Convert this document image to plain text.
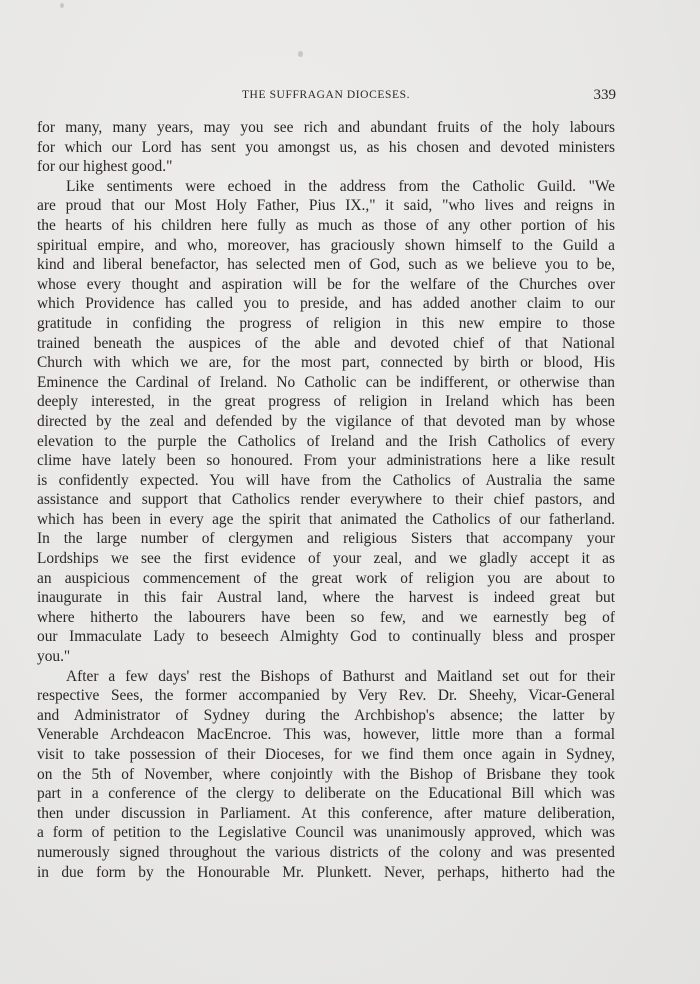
THE SUFFRAGAN DIOCESES.	339
for many, many years, may you see rich and abundant fruits of the holy labours
for which our Lord has sent you amongst us, as his chosen and devoted ministers
for our highest good."
Like sentiments were echoed in the address from the Catholic Guild. "We
are proud that our Most Holy Father, Pius IX.," it said, "who lives and reigns in
the hearts of his children here fully as much as those of any other portion of his
spiritual empire, and who, moreover, has graciously shown himself to the Guild a
kind and liberal benefactor, has selected men of God, such as we believe you to be,
whose every thought and aspiration will be for the welfare of the Churches over
which Providence has called you to preside, and has added another claim to our
gratitude in confiding the progress of religion in this new empire to those
trained beneath the auspices of the able and devoted chief of that National
Church with which we are, for the most part, connected by birth or blood, His
Eminence the Cardinal of Ireland. No Catholic can be indifferent, or otherwise than
deeply interested, in the great progress of religion in Ireland which has been
directed by the zeal and defended by the vigilance of that devoted man by whose
elevation to the purple the Catholics of Ireland and the Irish Catholics of every
clime have lately been so honoured. From your administrations here a like result
is confidently expected. You will have from the Catholics of Australia the same
assistance and support that Catholics render everywhere to their chief pastors, and
which has been in every age the spirit that animated the Catholics of our fatherland.
In the large number of clergymen and religious Sisters that accompany your
Lordships we see the first evidence of your zeal, and we gladly accept it as
an auspicious commencement of the great work of religion you are about to
inaugurate in this fair Austral land, where the harvest is indeed great but
where hitherto the labourers have been so few, and we earnestly beg of
our Immaculate Lady to beseech Almighty God to continually bless and prosper
you."
After a few days' rest the Bishops of Bathurst and Maitland set out for their
respective Sees, the former accompanied by Very Rev. Dr. Sheehy, Vicar-General
and Administrator of Sydney during the Archbishop's absence; the latter by
Venerable Archdeacon MacEncroe. This was, however, little more than a formal
visit to take possession of their Dioceses, for we find them once again in Sydney,
on the 5th of November, where conjointly with the Bishop of Brisbane they took
part in a conference of the clergy to deliberate on the Educational Bill which was
then under discussion in Parliament. At this conference, after mature deliberation,
a form of petition to the Legislative Council was unanimously approved, which was
numerously signed throughout the various districts of the colony and was presented
in due form by the Honourable Mr. Plunkett. Never, perhaps, hitherto had the
